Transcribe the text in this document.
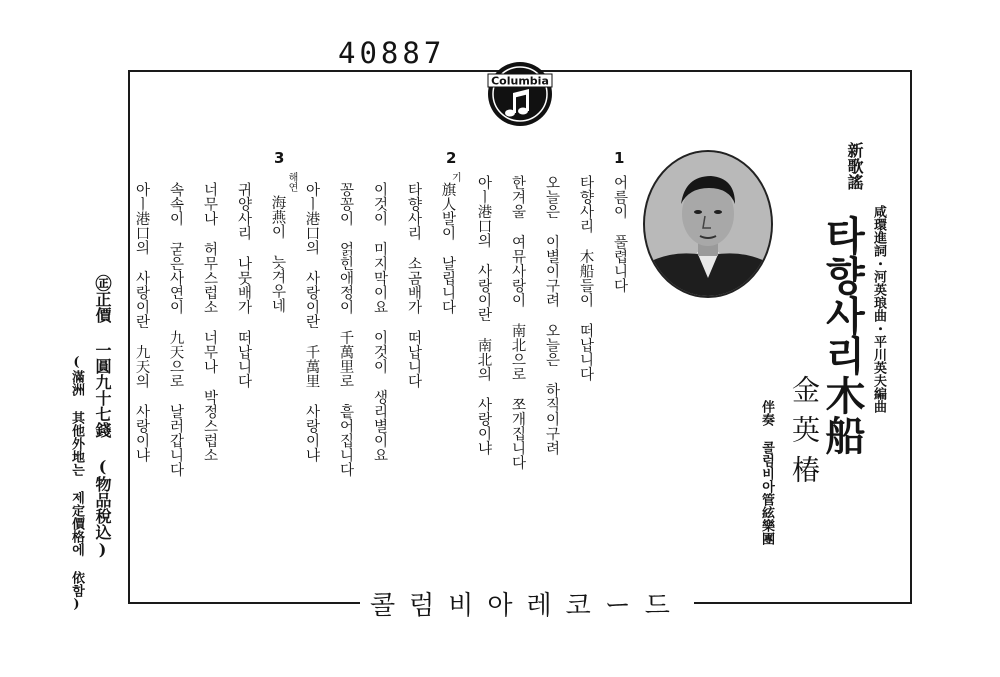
40887
Columbia
1
2
3
어름이 풀렵니다
타향사리 木船들이 떠납니다
오늘은 이별이구려 오늘은 하직이구려
한겨울 여뮤사랑이 南北으로 쪼개집니다
아ㅣ港口의 사랑이란 南北의 사랑이냐
기
旗人발이 날립니다
타향사리 소곰배가 떠납니다
이것이 미지막이요 이것이 생리별이요
꽁꽁이 얽힌애정이 千萬里로 흩어집니다
아ㅣ港口의 사랑이란 千萬里 사랑이냐
해연
海燕이 늣겨우네
귀양사리 나뭇배가 떠납니다
너무나 허무스럽소 너무나 박정스럽소
속속이 굳은사연이 九天으로 날러갑니다
아ㅣ港口의 사랑이란 九天의 사랑이냐
新歌謠
咸環進詞・河英琅曲・平川英夫編曲
타향사리木船
金英椿
伴奏 콜럼비아管絃樂團
㊣正價 一圓九十七錢 (物品稅込)
(滿洲 其他外地는 제定價格에 依함)	콜럼비아레코ー드
